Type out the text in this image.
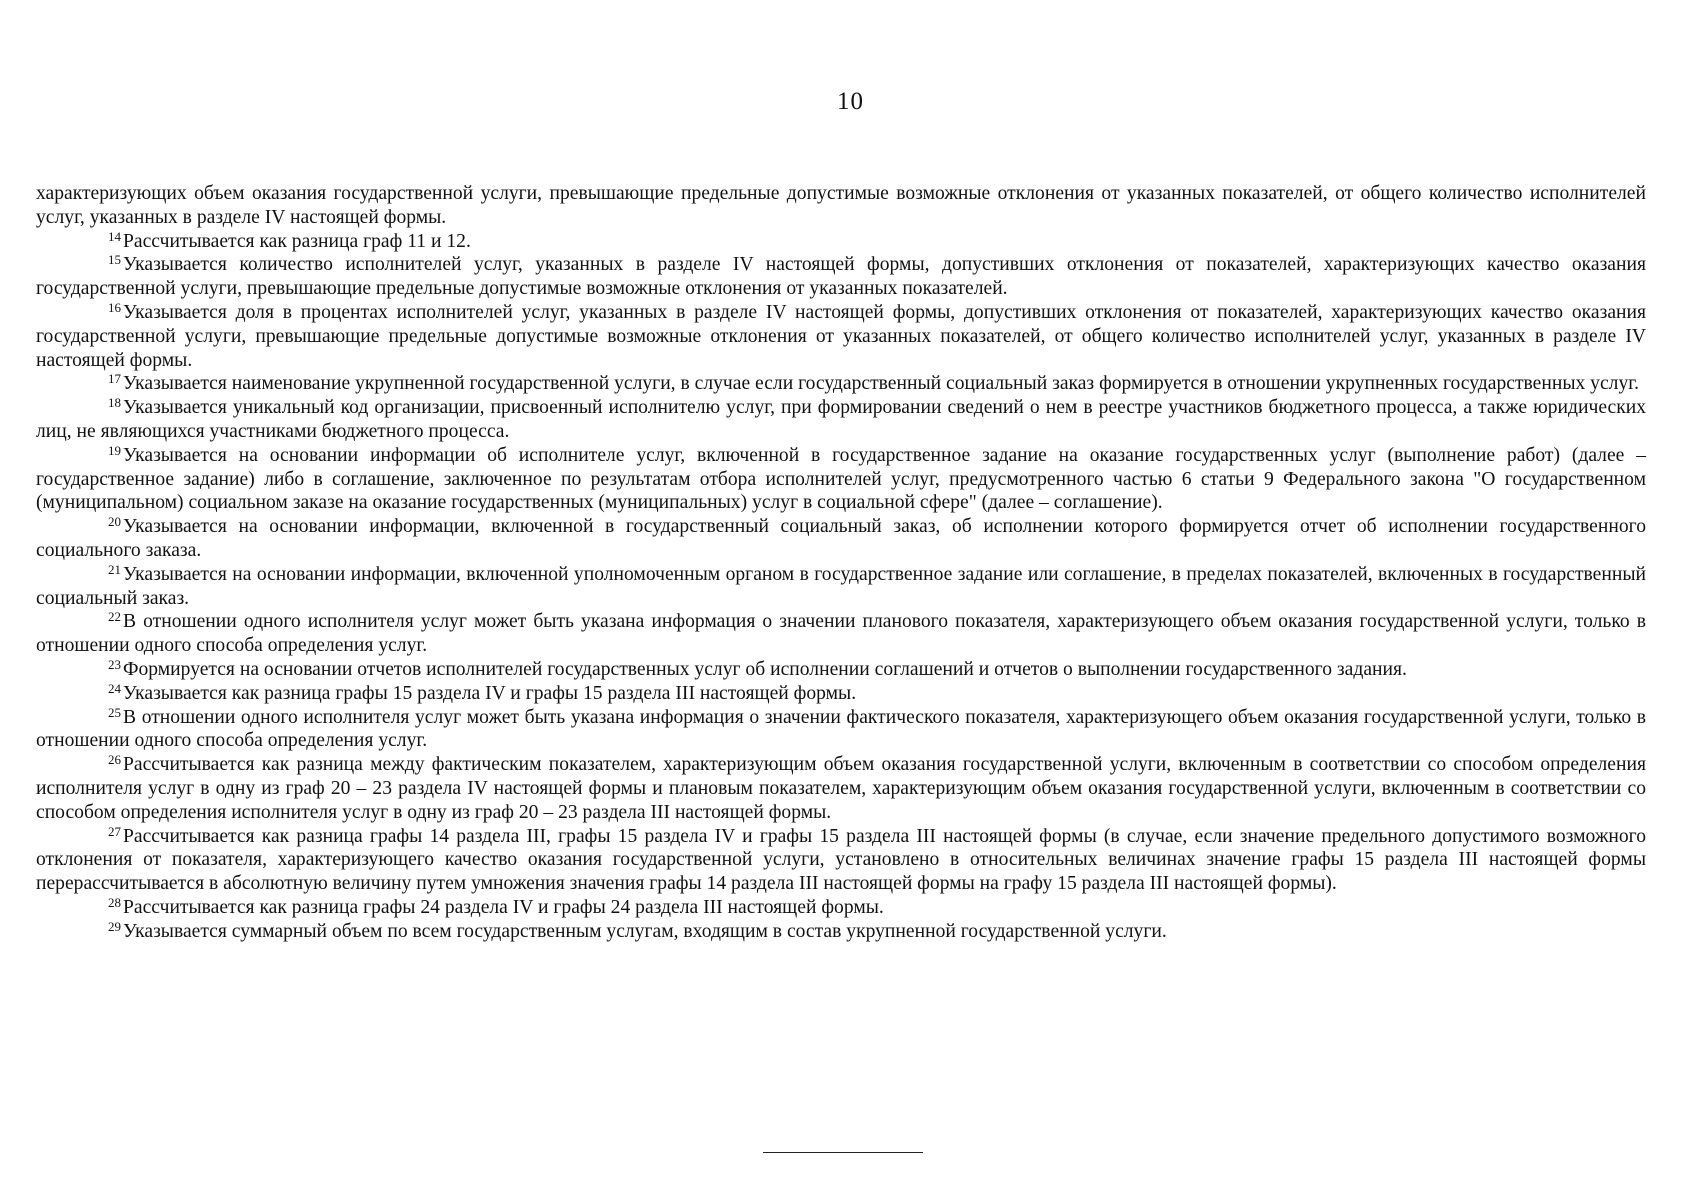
10

характеризующих объем оказания государственной услуги, превышающие предельные допустимые возможные отклонения от указанных показателей, от общего количество исполнителей услуг, указанных в разделе IV настоящей формы.

$^{14}$ Рассчитывается как разница граф 11 и 12.

$^{15}$ Указывается количество исполнителей услуг, указанных в разделе IV настоящей формы, допустивших отклонения от показателей, характеризующих качество оказания государственной услуги, превышающие предельные допустимые возможные отклонения от указанных показателей.

$^{16}$ Указывается доля в процентах исполнителей услуг, указанных в разделе IV настоящей формы, допустивших отклонения от показателей, характеризующих качество оказания государственной услуги, превышающие предельные допустимые возможные отклонения от указанных показателей, от общего количество исполнителей услуг, указанных в разделе IV настоящей формы.

$^{17}$ Указывается наименование укрупненной государственной услуги, в случае если государственный социальный заказ формируется в отношении укрупненных государственных услуг.

$^{18}$ Указывается уникальный код организации, присвоенный исполнителю услуг, при формировании сведений о нем в реестре участников бюджетного процесса, а также юридических лиц, не являющихся участниками бюджетного процесса.

$^{19}$ Указывается на основании информации об исполнителе услуг, включенной в государственное задание на оказание государственных услуг (выполнение работ) (далее – государственное задание) либо в соглашение, заключенное по результатам отбора исполнителей услуг, предусмотренного частью 6 статьи 9 Федерального закона "О государственном (муниципальном) социальном заказе на оказание государственных (муниципальных) услуг в социальной сфере" (далее – соглашение).

$^{20}$ Указывается на основании информации, включенной в государственный социальный заказ, об исполнении которого формируется отчет об исполнении государственного социального заказа.

$^{21}$ Указывается на основании информации, включенной уполномоченным органом в государственное задание или соглашение, в пределах показателей, включенных в государственный социальный заказ.

$^{22}$ В отношении одного исполнителя услуг может быть указана информация о значении планового показателя, характеризующего объем оказания государственной услуги, только в отношении одного способа определения услуг.

$^{23}$ Формируется на основании отчетов исполнителей государственных услуг об исполнении соглашений и отчетов о выполнении государственного задания.

$^{24}$ Указывается как разница графы 15 раздела IV и графы 15 раздела III настоящей формы.

$^{25}$ В отношении одного исполнителя услуг может быть указана информация о значении фактического показателя, характеризующего объем оказания государственной услуги, только в отношении одного способа определения услуг.

$^{26}$ Рассчитывается как разница между фактическим показателем, характеризующим объем оказания государственной услуги, включенным в соответствии со способом определения исполнителя услуг в одну из граф 20 – 23 раздела IV настоящей формы и плановым показателем, характеризующим объем оказания государственной услуги, включенным в соответствии со способом определения исполнителя услуг в одну из граф 20 – 23 раздела III настоящей формы.

$^{27}$ Рассчитывается как разница графы 14 раздела III, графы 15 раздела IV и графы 15 раздела III настоящей формы (в случае, если значение предельного допустимого возможного отклонения от показателя, характеризующего качество оказания государственной услуги, установлено в относительных величинах значение графы 15 раздела III настоящей формы перерассчитывается в абсолютную величину путем умножения значения графы 14 раздела III настоящей формы на графу 15 раздела III настоящей формы).

$^{28}$ Рассчитывается как разница графы 24 раздела IV и графы 24 раздела III настоящей формы.

$^{29}$ Указывается суммарный объем по всем государственным услугам, входящим в состав укрупненной государственной услуги.
